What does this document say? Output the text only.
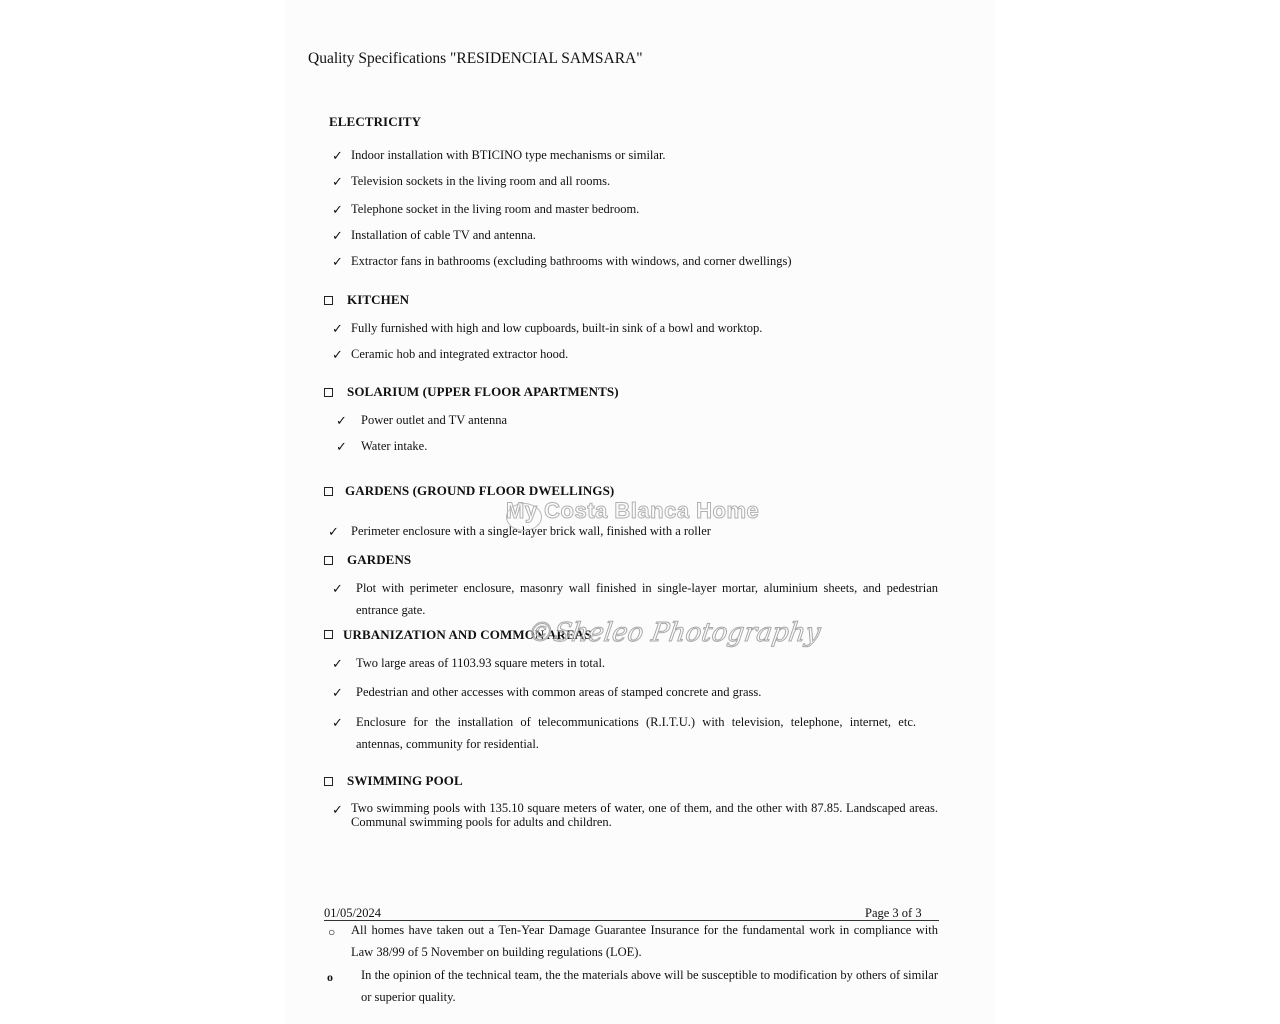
Quality Specifications "RESIDENCIAL SAMSARA"
ELECTRICITY
✓ Indoor installation with BTICINO type mechanisms or similar.
✓ Television sockets in the living room and all rooms.
✓ Telephone socket in the living room and master bedroom.
✓ Installation of cable TV and antenna.
✓ Extractor fans in bathrooms (excluding bathrooms with windows, and corner dwellings)
KITCHEN
✓ Fully furnished with high and low cupboards, built-in sink of a bowl and worktop.
✓ Ceramic hob and integrated extractor hood.
SOLARIUM (UPPER FLOOR APARTMENTS)
✓ Power outlet and TV antenna
✓ Water intake.
GARDENS (GROUND FLOOR DWELLINGS)
✓ Perimeter enclosure with a single-layer brick wall, finished with a roller
GARDENS
✓ Plot with perimeter enclosure, masonry wall finished in single-layer mortar, aluminium sheets, and pedestrian entrance gate.
URBANIZATION AND COMMON AREAS
✓ Two large areas of 1103.93 square meters in total.
✓ Pedestrian and other accesses with common areas of stamped concrete and grass.
✓ Enclosure for the installation of telecommunications (R.I.T.U.) with television, telephone, internet, etc. antennas, community for residential.
SWIMMING POOL
✓ Two swimming pools with 135.10 square meters of water, one of them, and the other with 87.85. Landscaped areas. Communal swimming pools for adults and children.
My Costa Blanca Home
©Sheleo Photography
01/05/2024	Page 3 of 3
○ All homes have taken out a Ten-Year Damage Guarantee Insurance for the fundamental work in compliance with Law 38/99 of 5 November on building regulations (LOE).
o In the opinion of the technical team, the the materials above will be susceptible to modification by others of similar or superior quality.
